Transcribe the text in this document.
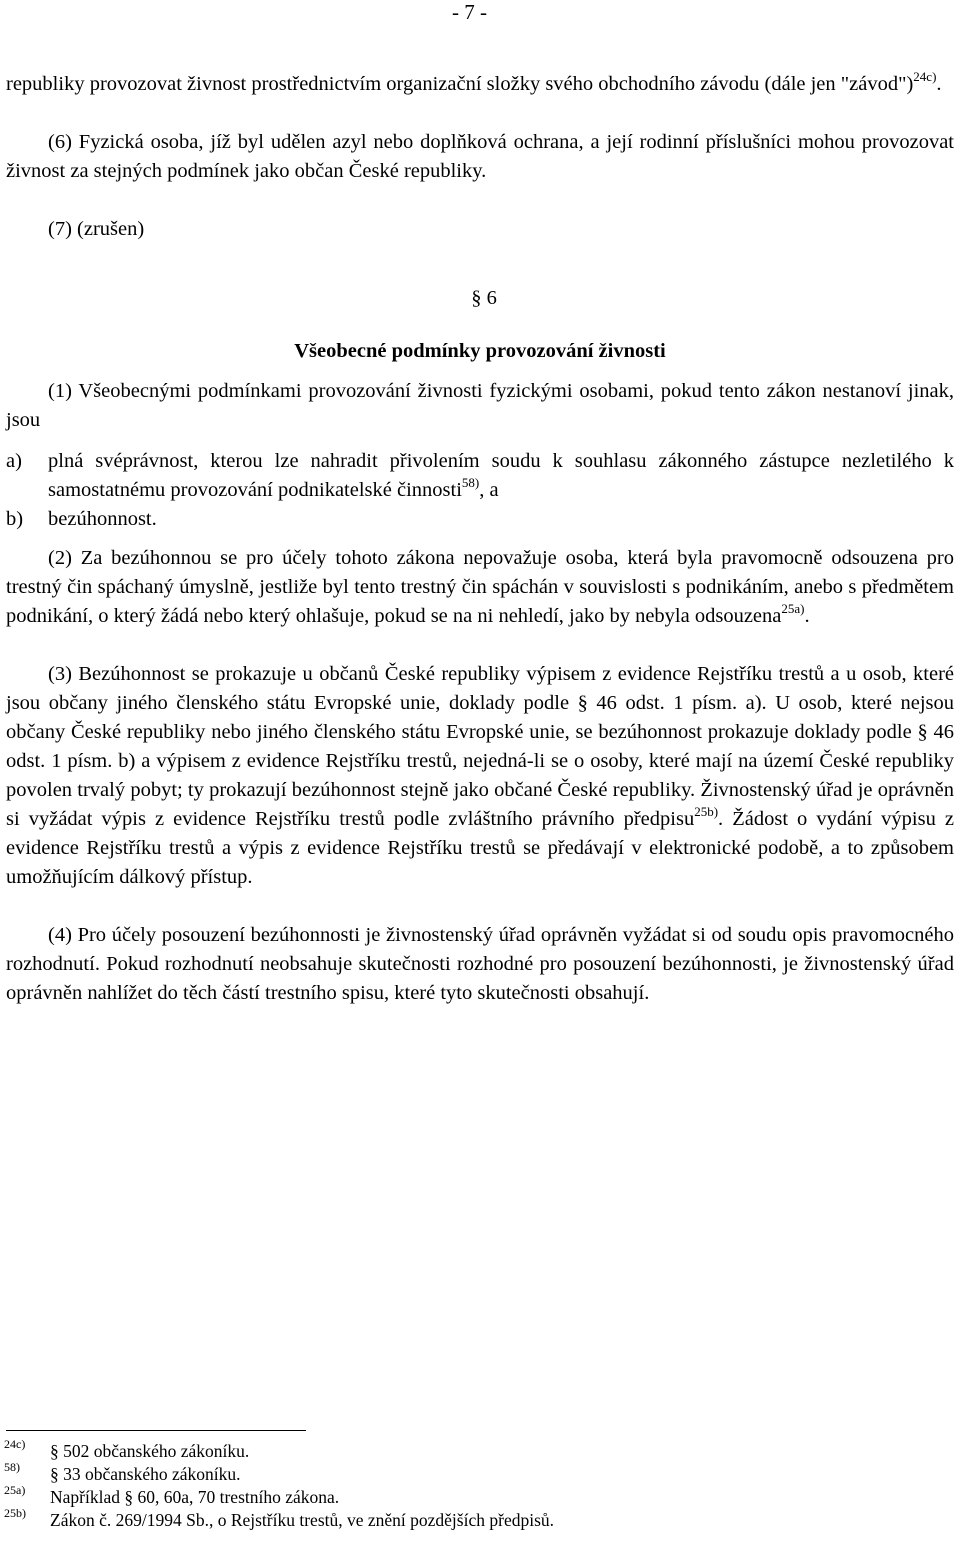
- 7 -

republiky provozovat živnost prostřednictvím organizační složky svého obchodního závodu (dále jen "závod")$^{24c)}$.

(6) Fyzická osoba, jíž byl udělen azyl nebo doplňková ochrana, a její rodinní příslušníci mohou provozovat živnost za stejných podmínek jako občan České republiky.

(7) (zrušen)

§ 6

Všeobecné podmínky provozování živnosti

(1) Všeobecnými podmínkami provozování živnosti fyzickými osobami, pokud tento zákon nestanoví jinak, jsou

a) plná svéprávnost, kterou lze nahradit přivolením soudu k souhlasu zákonného zástupce nezletilého k samostatnému provozování podnikatelské činnosti$^{58)}$, a
b) bezúhonnost.

(2) Za bezúhonnou se pro účely tohoto zákona nepovažuje osoba, která byla pravomocně odsouzena pro trestný čin spáchaný úmyslně, jestliže byl tento trestný čin spáchán v souvislosti s podnikáním, anebo s předmětem podnikání, o který žádá nebo který ohlašuje, pokud se na ni nehledí, jako by nebyla odsouzena$^{25a)}$.

(3) Bezúhonnost se prokazuje u občanů České republiky výpisem z evidence Rejstříku trestů a u osob, které jsou občany jiného členského státu Evropské unie, doklady podle § 46 odst. 1 písm. a). U osob, které nejsou občany České republiky nebo jiného členského státu Evropské unie, se bezúhonnost prokazuje doklady podle § 46 odst. 1 písm. b) a výpisem z evidence Rejstříku trestů, nejedná-li se o osoby, které mají na území České republiky povolen trvalý pobyt; ty prokazují bezúhonnost stejně jako občané České republiky. Živnostenský úřad je oprávněn si vyžádat výpis z evidence Rejstříku trestů podle zvláštního právního předpisu$^{25b)}$. Žádost o vydání výpisu z evidence Rejstříku trestů a výpis z evidence Rejstříku trestů se předávají v elektronické podobě, a to způsobem umožňujícím dálkový přístup.

(4) Pro účely posouzení bezúhonnosti je živnostenský úřad oprávněn vyžádat si od soudu opis pravomocného rozhodnutí. Pokud rozhodnutí neobsahuje skutečnosti rozhodné pro posouzení bezúhonnosti, je živnostenský úřad oprávněn nahlížet do těch částí trestního spisu, které tyto skutečnosti obsahují.

24c) § 502 občanského zákoníku.
58) § 33 občanského zákoníku.
25a) Například § 60, 60a, 70 trestního zákona.
25b) Zákon č. 269/1994 Sb., o Rejstříku trestů, ve znění pozdějších předpisů.
